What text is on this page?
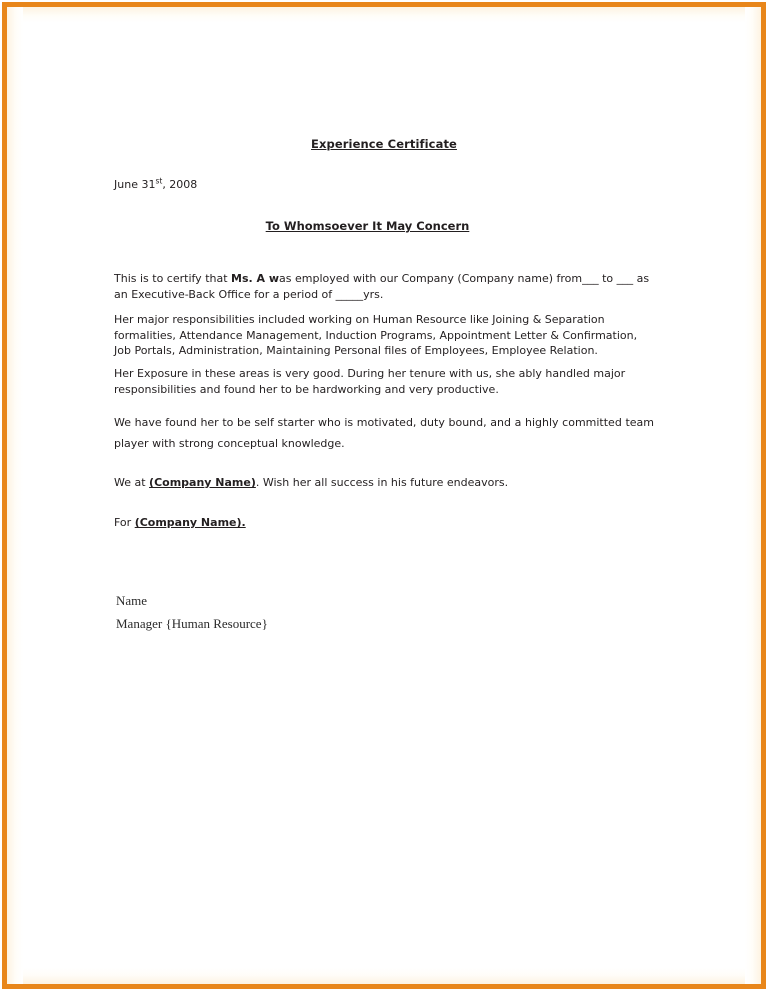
Experience Certificate
June 31st, 2008
To Whomsoever It May Concern

This is to certify that Ms. A was employed with our Company (Company name) from___ to ___ as an Executive-Back Office for a period of _____yrs.

Her major responsibilities included working on Human Resource like Joining & Separation formalities, Attendance Management, Induction Programs, Appointment Letter & Confirmation, Job Portals, Administration, Maintaining Personal files of Employees, Employee Relation.

Her Exposure in these areas is very good. During her tenure with us, she ably handled major responsibilities and found her to be hardworking and very productive.

We have found her to be self starter who is motivated, duty bound, and a highly committed team player with strong conceptual knowledge.

We at (Company Name). Wish her all success in his future endeavors.

For (Company Name).

Name
Manager {Human Resource}
